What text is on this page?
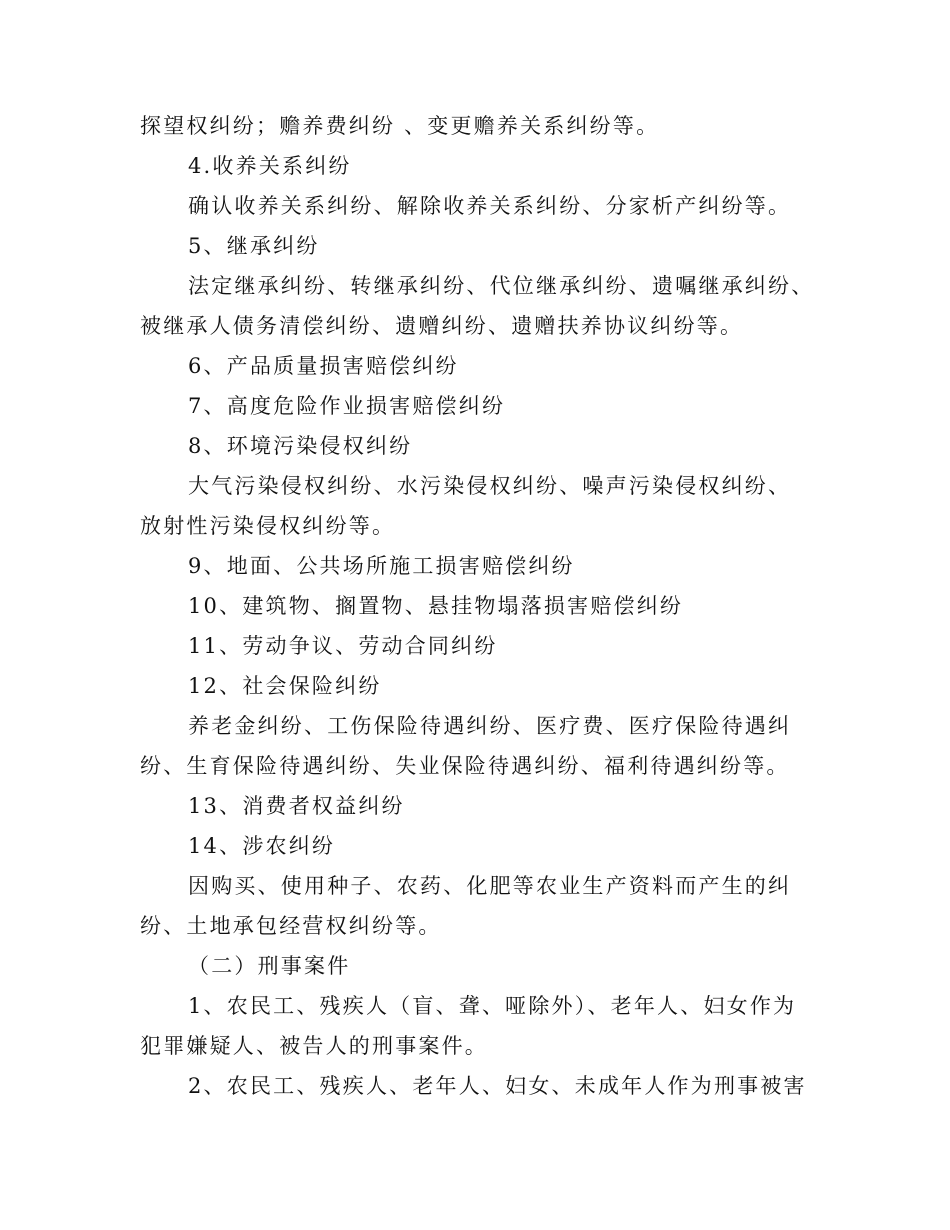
探望权纠纷；赡养费纠纷 、变更赡养关系纠纷等。
4.收养关系纠纷
确认收养关系纠纷、解除收养关系纠纷、分家析产纠纷等。
5、继承纠纷
法定继承纠纷、转继承纠纷、代位继承纠纷、遗嘱继承纠纷、
被继承人债务清偿纠纷、遗赠纠纷、遗赠扶养协议纠纷等。
6、产品质量损害赔偿纠纷
7、高度危险作业损害赔偿纠纷
8、环境污染侵权纠纷
大气污染侵权纠纷、水污染侵权纠纷、噪声污染侵权纠纷、
放射性污染侵权纠纷等。
9、地面、公共场所施工损害赔偿纠纷
10、建筑物、搁置物、悬挂物塌落损害赔偿纠纷
11、劳动争议、劳动合同纠纷
12、社会保险纠纷
养老金纠纷、工伤保险待遇纠纷、医疗费、医疗保险待遇纠
纷、生育保险待遇纠纷、失业保险待遇纠纷、福利待遇纠纷等。
13、消费者权益纠纷
14、涉农纠纷
因购买、使用种子、农药、化肥等农业生产资料而产生的纠
纷、土地承包经营权纠纷等。
（二）刑事案件
1、农民工、残疾人（盲、聋、哑除外）、老年人、妇女作为
犯罪嫌疑人、被告人的刑事案件。
2、农民工、残疾人、老年人、妇女、未成年人作为刑事被害
